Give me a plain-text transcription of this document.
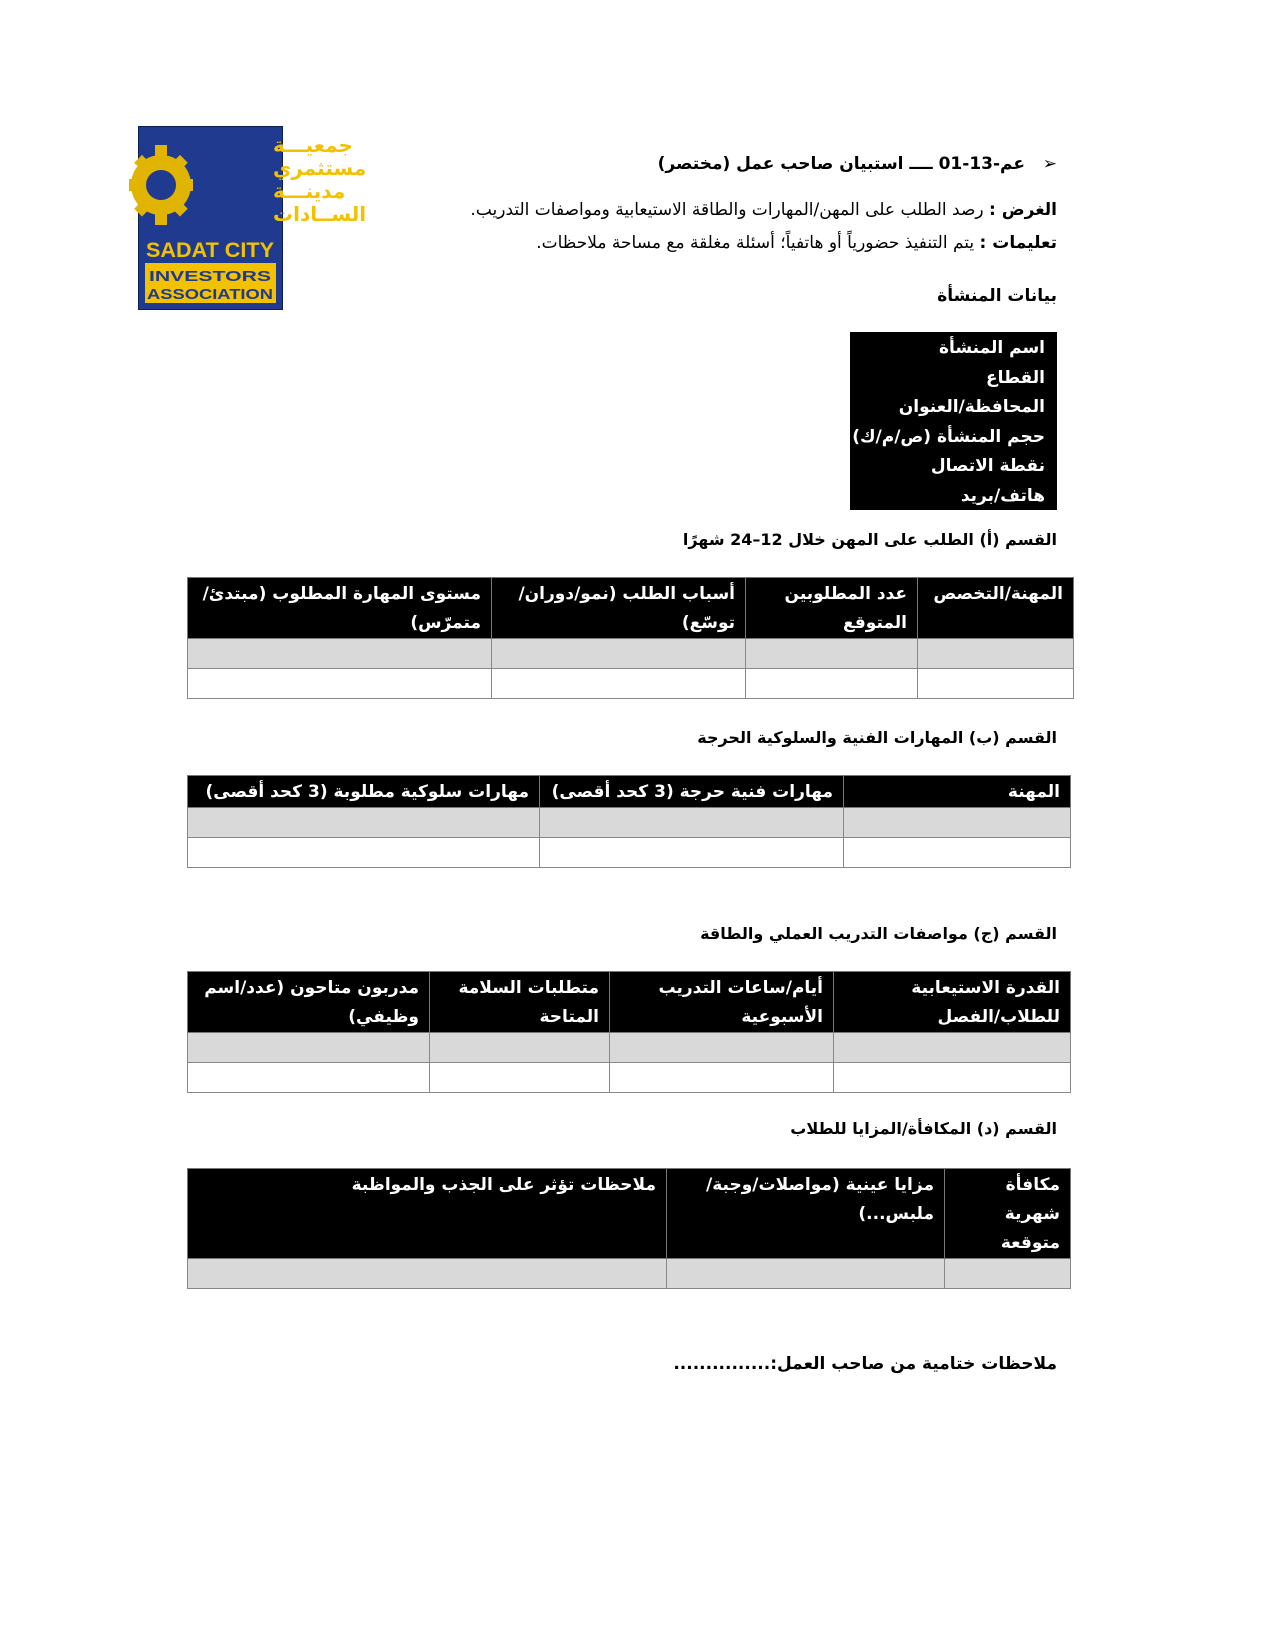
جمعيـــة
مستثمري
مدينـــة
الســادات
SADAT CITY
INVESTORS
ASSOCIATION
➢   عم-13-01 ــــ استبيان صاحب عمل (مختصر)
الغرض : رصد الطلب على المهن/المهارات والطاقة الاستيعابية ومواصفات التدريب.
تعليمات : يتم التنفيذ حضورياً أو هاتفياً؛ أسئلة مغلقة مع مساحة ملاحظات.
بيانات المنشأة
اسم المنشأة
القطاع
المحافظة/العنوان
حجم المنشأة (ص/م/ك)
نقطة الاتصال
هاتف/بريد
القسم (أ) الطلب على المهن خلال 12–24 شهرًا
المهنة/التخصص	عدد المطلوبين المتوقع	أسباب الطلب (نمو/دوران/توسّع)	مستوى المهارة المطلوب (مبتدئ/متمرّس)

القسم (ب) المهارات الفنية والسلوكية الحرجة
المهنة	مهارات فنية حرجة (3 كحد أقصى)	مهارات سلوكية مطلوبة (3 كحد أقصى)

القسم (ج) مواصفات التدريب العملي والطاقة
القدرة الاستيعابية للطلاب/الفصل	أيام/ساعات التدريب الأسبوعية	متطلبات السلامة المتاحة	مدربون متاحون (عدد/اسم وظيفي)

القسم (د) المكافأة/المزايا للطلاب
مكافأة شهرية متوقعة	مزايا عينية (مواصلات/وجبة/ملبس...)	ملاحظات تؤثر على الجذب والمواظبة

ملاحظات ختامية من صاحب العمل:...............
